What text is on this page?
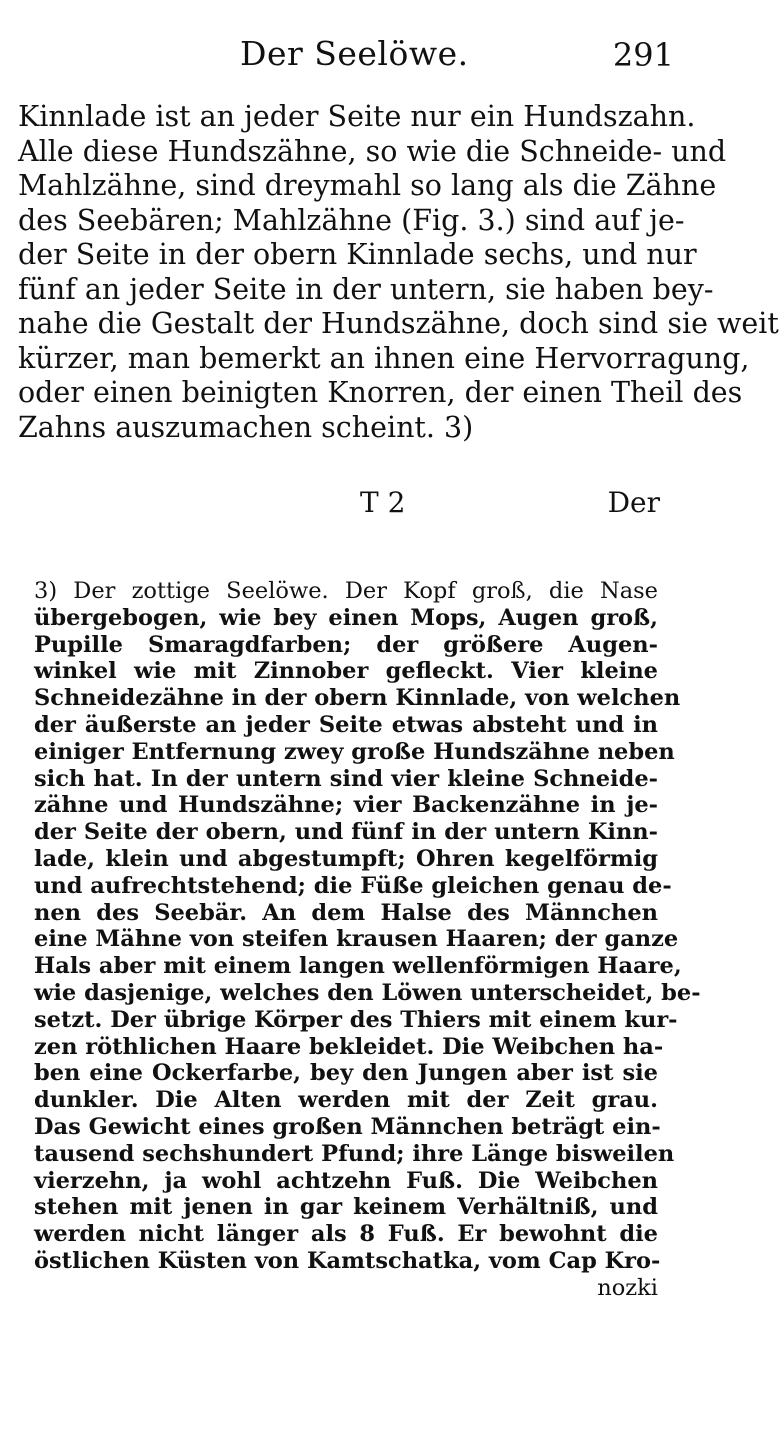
Der Seelöwe.	291
Kinnlade ist an jeder Seite nur ein Hundszahn.
Alle diese Hundszähne, so wie die Schneide- und
Mahlzähne, sind dreymahl so lang als die Zähne
des Seebären; Mahlzähne (Fig. 3.) sind auf je-
der Seite in der obern Kinnlade sechs, und nur
fünf an jeder Seite in der untern, sie haben bey-
nahe die Gestalt der Hundszähne, doch sind sie weit
kürzer, man bemerkt an ihnen eine Hervorragung,
oder einen beinigten Knorren, der einen Theil des
Zahns auszumachen scheint. 3)
T 2	Der
3) Der zottige Seelöwe. Der Kopf groß, die Nase
übergebogen, wie bey einen Mops, Augen groß,
Pupille Smaragdfarben; der größere Augen-
winkel wie mit Zinnober gefleckt. Vier kleine
Schneidezähne in der obern Kinnlade, von welchen
der äußerste an jeder Seite etwas absteht und in
einiger Entfernung zwey große Hundszähne neben
sich hat. In der untern sind vier kleine Schneide-
zähne und Hundszähne; vier Backenzähne in je-
der Seite der obern, und fünf in der untern Kinn-
lade, klein und abgestumpft; Ohren kegelförmig
und aufrechtstehend; die Füße gleichen genau de-
nen des Seebär. An dem Halse des Männchen
eine Mähne von steifen krausen Haaren; der ganze
Hals aber mit einem langen wellenförmigen Haare,
wie dasjenige, welches den Löwen unterscheidet, be-
setzt. Der übrige Körper des Thiers mit einem kur-
zen röthlichen Haare bekleidet. Die Weibchen ha-
ben eine Ockerfarbe, bey den Jungen aber ist sie
dunkler. Die Alten werden mit der Zeit grau.
Das Gewicht eines großen Männchen beträgt ein-
tausend sechshundert Pfund; ihre Länge bisweilen
vierzehn, ja wohl achtzehn Fuß. Die Weibchen
stehen mit jenen in gar keinem Verhältniß, und
werden nicht länger als 8 Fuß. Er bewohnt die
östlichen Küsten von Kamtschatka, vom Cap Kro-
nozki
